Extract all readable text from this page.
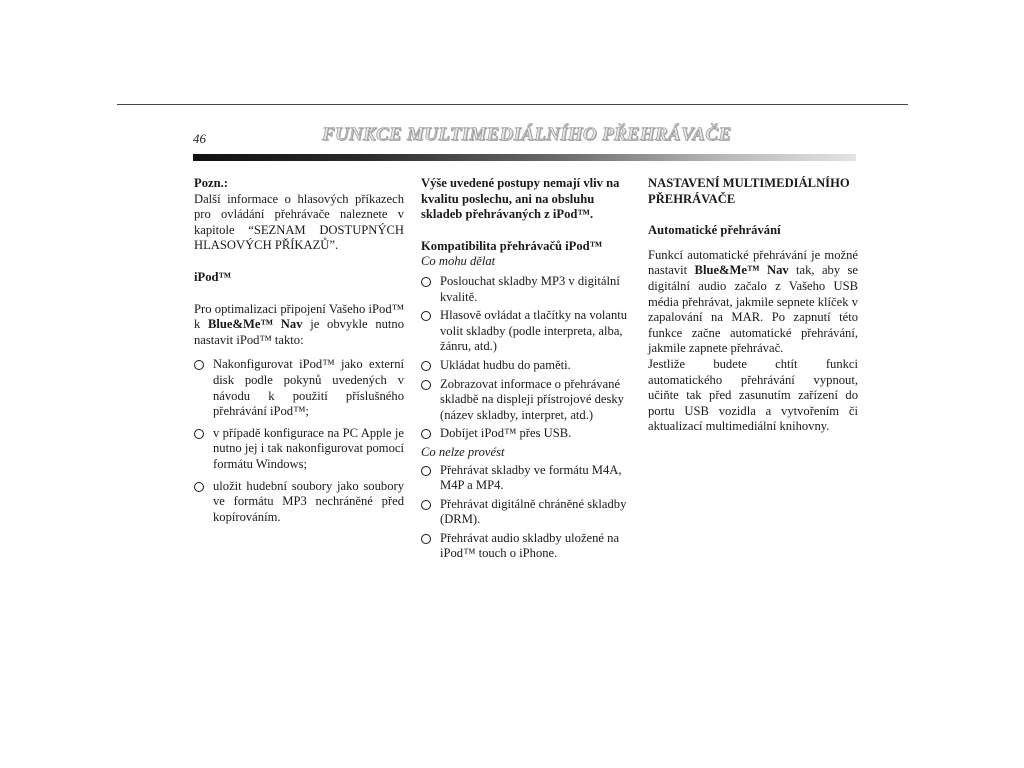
46	FUNKCE MULTIMEDIÁLNÍHO PŘEHRÁVAČE

Pozn.:

Další informace o hlasových příkazech pro ovládání přehrávače naleznete v kapitole “SEZNAM DOSTUPNÝCH HLASOVÝCH PŘÍKAZŮ”.

iPod™

Pro optimalizaci připojení Vašeho iPod™ k Blue&Me™ Nav je obvykle nutno nastavit iPod™ takto:

Nakonfigurovat iPod™ jako externí disk podle pokynů uvedených v návodu k použití příslušného přehrávání iPod™;
v případě konfigurace na PC Apple je nutno jej i tak nakonfigurovat pomocí formátu Windows;
uložit hudební soubory jako soubory ve formátu MP3 nechráněné před kopírováním.

Výše uvedené postupy nemají vliv na kvalitu poslechu, ani na obsluhu skladeb přehrávaných z iPod™.

Kompatibilita přehrávačů iPod™

Co mohu dělat

Poslouchat skladby MP3 v digitální kvalitě.
Hlasově ovládat a tlačítky na volantu volit skladby (podle interpreta, alba, žánru, atd.)
Ukládat hudbu do paměti.
Zobrazovat informace o přehrávané skladbě na displeji přístrojové desky (název skladby, interpret, atd.)
Dobíjet iPod™ přes USB.

Co nelze provést

Přehrávat skladby ve formátu M4A, M4P a MP4.
Přehrávat digitálně chráněné skladby (DRM).
Přehrávat audio skladby uložené na iPod™ touch o iPhone.

NASTAVENÍ MULTIMEDIÁLNÍHO PŘEHRÁVAČE

Automatické přehrávání

Funkcí automatické přehrávání je možné nastavit Blue&Me™ Nav tak, aby se digitální audio začalo z Vašeho USB média přehrávat, jakmile sepnete klíček v zapalování na MAR. Po zapnutí této funkce začne automatické přehrávání, jakmile zapnete přehrávač.

Jestliže budete chtít funkci automatického přehrávání vypnout, učiňte tak před zasunutím zařízení do portu USB vozidla a vytvořením či aktualizací multimediální knihovny.
